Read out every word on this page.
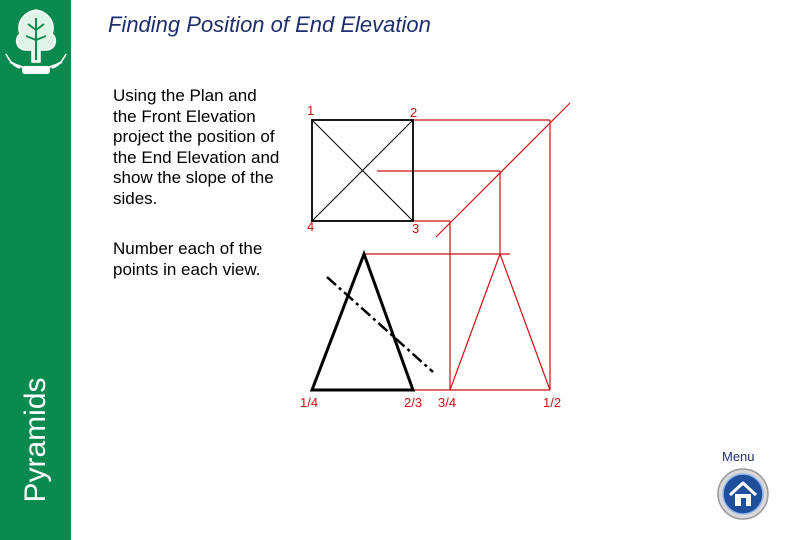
Pyramids
Finding Position of End Elevation
Using the Plan and the Front Elevation project the position of the End Elevation and show the slope of the sides.
Number each of the points in each view.
1	2
3
4
1/4	2/3 3/4	1/2
Menu
